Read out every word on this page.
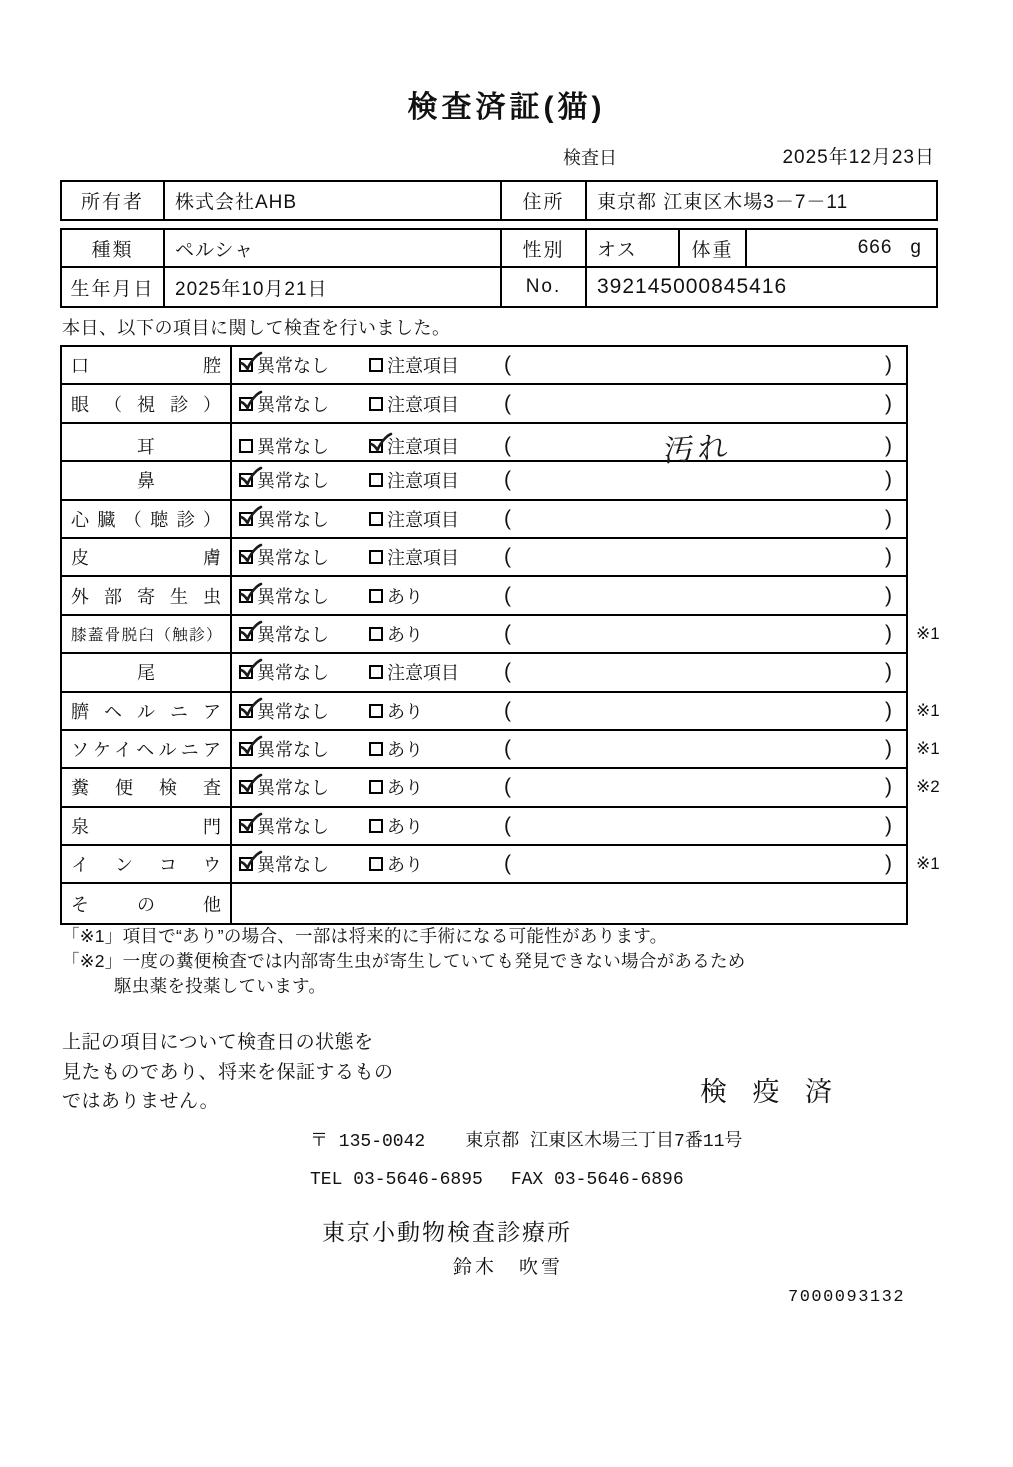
検査済証(猫)
検査日	2025年12月23日
所有者	株式会社AHB	住所	東京都 江東区木場3－7－11
種類	ペルシャ	性別	オス	体重	666 g
生年月日	2025年10月21日	No.	392145000845416
本日、以下の項目に関して検査を行いました。
口腔 異常なし	注意項目 (	)
眼（視診） 異常なし	注意項目 (	)
耳	異常なし	注意項目 (	汚れ	)
鼻	異常なし	注意項目 (	)
心臓（聴診） 異常なし	注意項目 (	)
皮膚 異常なし	注意項目 (	)
外部寄生虫 異常なし	あり	(	)
膝蓋骨脱臼（触診） 異常なし	あり	(	) ※1
尾	異常なし	注意項目 (	)
臍ヘルニア 異常なし	あり	(	) ※1
ソケイヘルニア 異常なし	あり	(	) ※1
糞便検査 異常なし	あり	(	) ※2
泉門 異常なし	あり	(	)
インコウ 異常なし	あり	(	) ※1
その他
「※1」項目で“あり”の場合、一部は将来的に手術になる可能性があります。
「※2」一度の糞便検査では内部寄生虫が寄生していても発見できない場合があるため
駆虫薬を投薬しています。
上記の項目について検査日の状態を
見たものであり、将来を保証するもの
ではありません。	検 疫 済
〒 135-0042 東京都 江東区木場三丁目7番11号
TEL 03-5646-6895 FAX 03-5646-6896
東京小動物検査診療所
鈴木　吹雪
7000093132
